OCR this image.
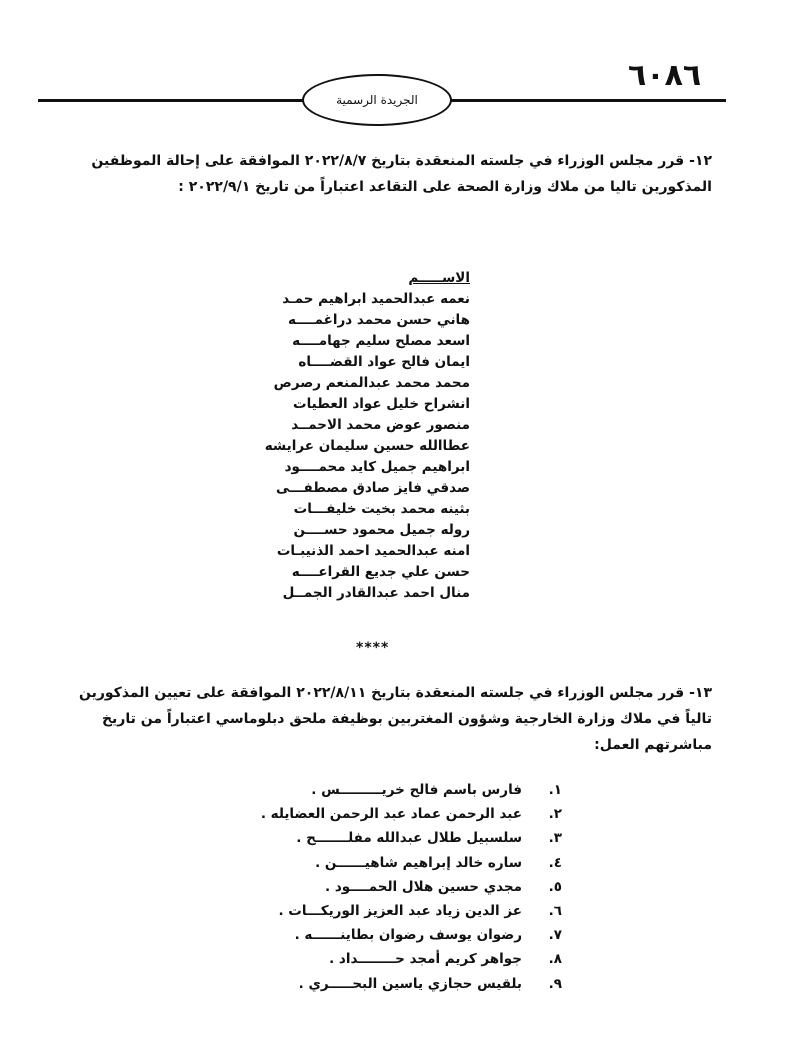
٦٠٨٦
الجريدة الرسمية
١٢- قرر مجلس الوزراء في جلسته المنعقدة بتاريخ ٢٠٢٢/٨/٧ الموافقة على إحالة الموظفين المذكورين تاليا من ملاك وزارة الصحة على التقاعد اعتباراً من تاريخ ٢٠٢٢/٩/١ :
الاســـــم
نعمه عبدالحميد ابراهيم حمـد
هاني حسن محمد دراغمــــه
اسعد مصلح سليم جهامــــه
ايمان فالح عواد القضــــاه
محمد محمد عبدالمنعم رصرص
انشراح خليل عواد العطيات
منصور عوض محمد الاحمــد
عطاالله حسين سليمان عرايشه
ابراهيم جميل كايد محمــــود
صدقي فايز صادق مصطفـــى
بثينه محمد بخيت خليفـــات
روله جميل محمود حســــن
امنه عبدالحميد احمد الذنيبـات
حسن علي جديع القراعــــه
منال احمد عبدالقادر الجمــل
****
١٣- قرر مجلس الوزراء في جلسته المنعقدة بتاريخ ٢٠٢٢/٨/١١ الموافقة على تعيين المذكورين تالياً في ملاك وزارة الخارجية وشؤون المغتربين بوظيفة ملحق دبلوماسي اعتباراً من تاريخ مباشرتهم العمل:
١.
فارس باسم فالح خريـــــــــس .
٢.
عبد الرحمن عماد عبد الرحمن العضايله .
٣.
سلسبيل طلال عبدالله مفلـــــــح .
٤.
ساره خالد إبراهيم شاهيــــــن .
٥.
مجدي حسين هلال الحمــــود .
٦.
عز الدين زياد عبد العزيز الوريكـــات .
٧.
رضوان يوسف رضوان بطاينــــــه .
٨.
جواهر كريم أمجد حــــــــداد .
٩.
بلقيس حجازي ياسين البحـــــري .
